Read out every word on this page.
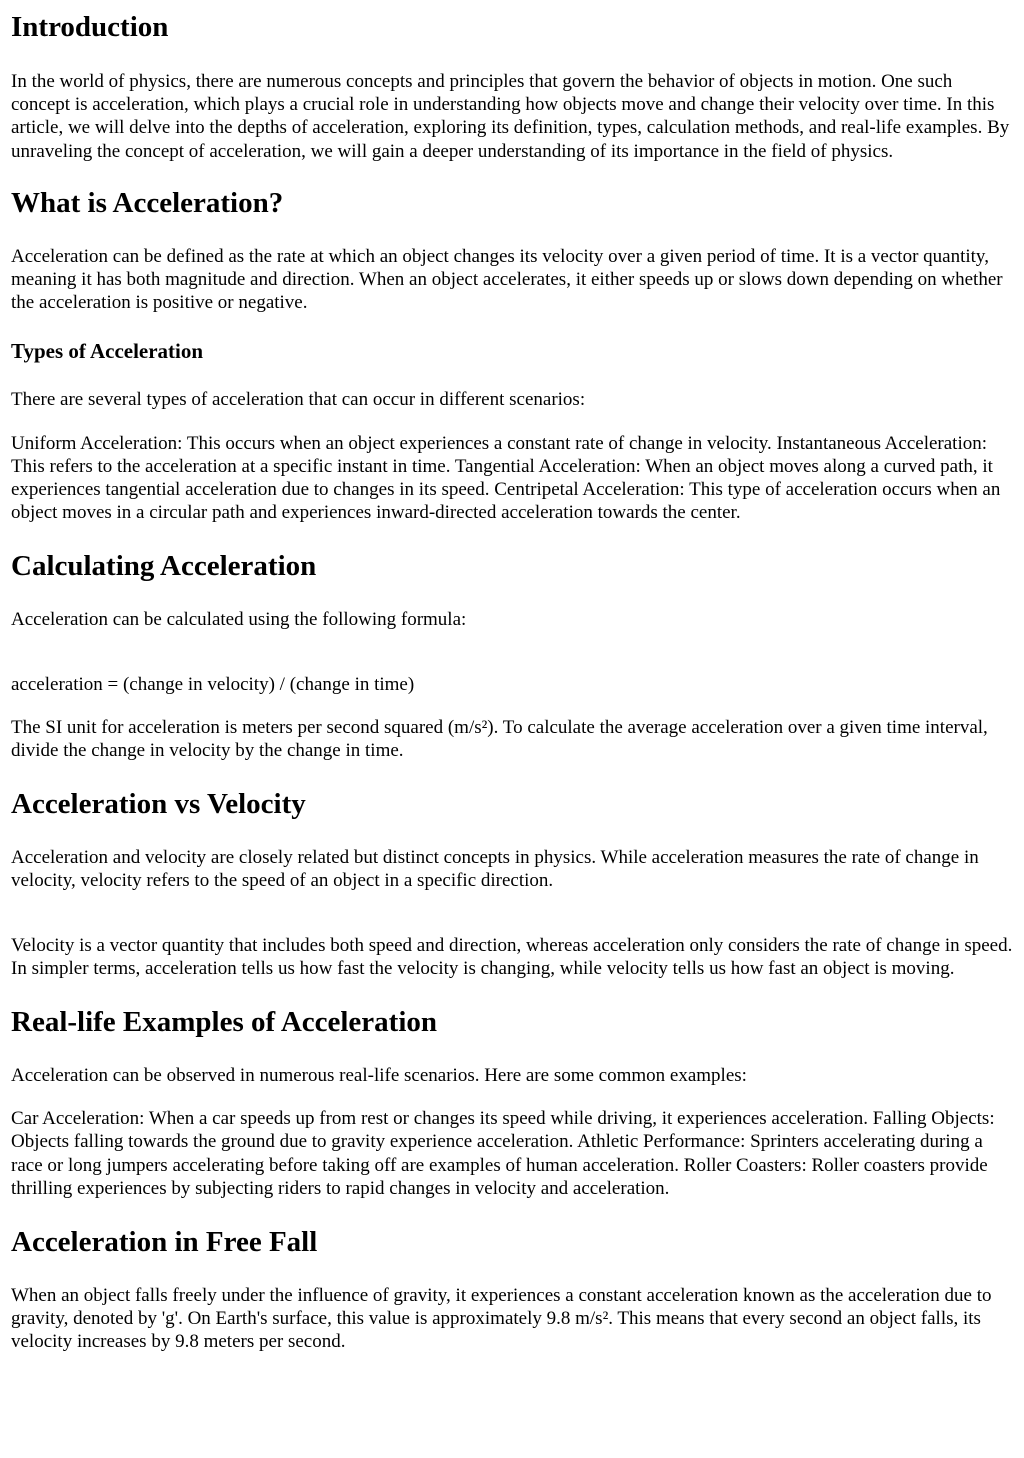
Introduction

In the world of physics, there are numerous concepts and principles that govern the behavior of objects in motion. One such concept is acceleration, which plays a crucial role in understanding how objects move and change their velocity over time. In this article, we will delve into the depths of acceleration, exploring its definition, types, calculation methods, and real-life examples. By unraveling the concept of acceleration, we will gain a deeper understanding of its importance in the field of physics.

What is Acceleration?

Acceleration can be defined as the rate at which an object changes its velocity over a given period of time. It is a vector quantity, meaning it has both magnitude and direction. When an object accelerates, it either speeds up or slows down depending on whether the acceleration is positive or negative.

Types of Acceleration

There are several types of acceleration that can occur in different scenarios:

Uniform Acceleration: This occurs when an object experiences a constant rate of change in velocity. Instantaneous Acceleration: This refers to the acceleration at a specific instant in time. Tangential Acceleration: When an object moves along a curved path, it experiences tangential acceleration due to changes in its speed. Centripetal Acceleration: This type of acceleration occurs when an object moves in a circular path and experiences inward-directed acceleration towards the center.

Calculating Acceleration

Acceleration can be calculated using the following formula:

acceleration = (change in velocity) / (change in time)

The SI unit for acceleration is meters per second squared (m/s²). To calculate the average acceleration over a given time interval, divide the change in velocity by the change in time.

Acceleration vs Velocity

Acceleration and velocity are closely related but distinct concepts in physics. While acceleration measures the rate of change in velocity, velocity refers to the speed of an object in a specific direction.

Velocity is a vector quantity that includes both speed and direction, whereas acceleration only considers the rate of change in speed. In simpler terms, acceleration tells us how fast the velocity is changing, while velocity tells us how fast an object is moving.

Real-life Examples of Acceleration

Acceleration can be observed in numerous real-life scenarios. Here are some common examples:

Car Acceleration: When a car speeds up from rest or changes its speed while driving, it experiences acceleration. Falling Objects: Objects falling towards the ground due to gravity experience acceleration. Athletic Performance: Sprinters accelerating during a race or long jumpers accelerating before taking off are examples of human acceleration. Roller Coasters: Roller coasters provide thrilling experiences by subjecting riders to rapid changes in velocity and acceleration.

Acceleration in Free Fall

When an object falls freely under the influence of gravity, it experiences a constant acceleration known as the acceleration due to gravity, denoted by 'g'. On Earth's surface, this value is approximately 9.8 m/s². This means that every second an object falls, its velocity increases by 9.8 meters per second.
